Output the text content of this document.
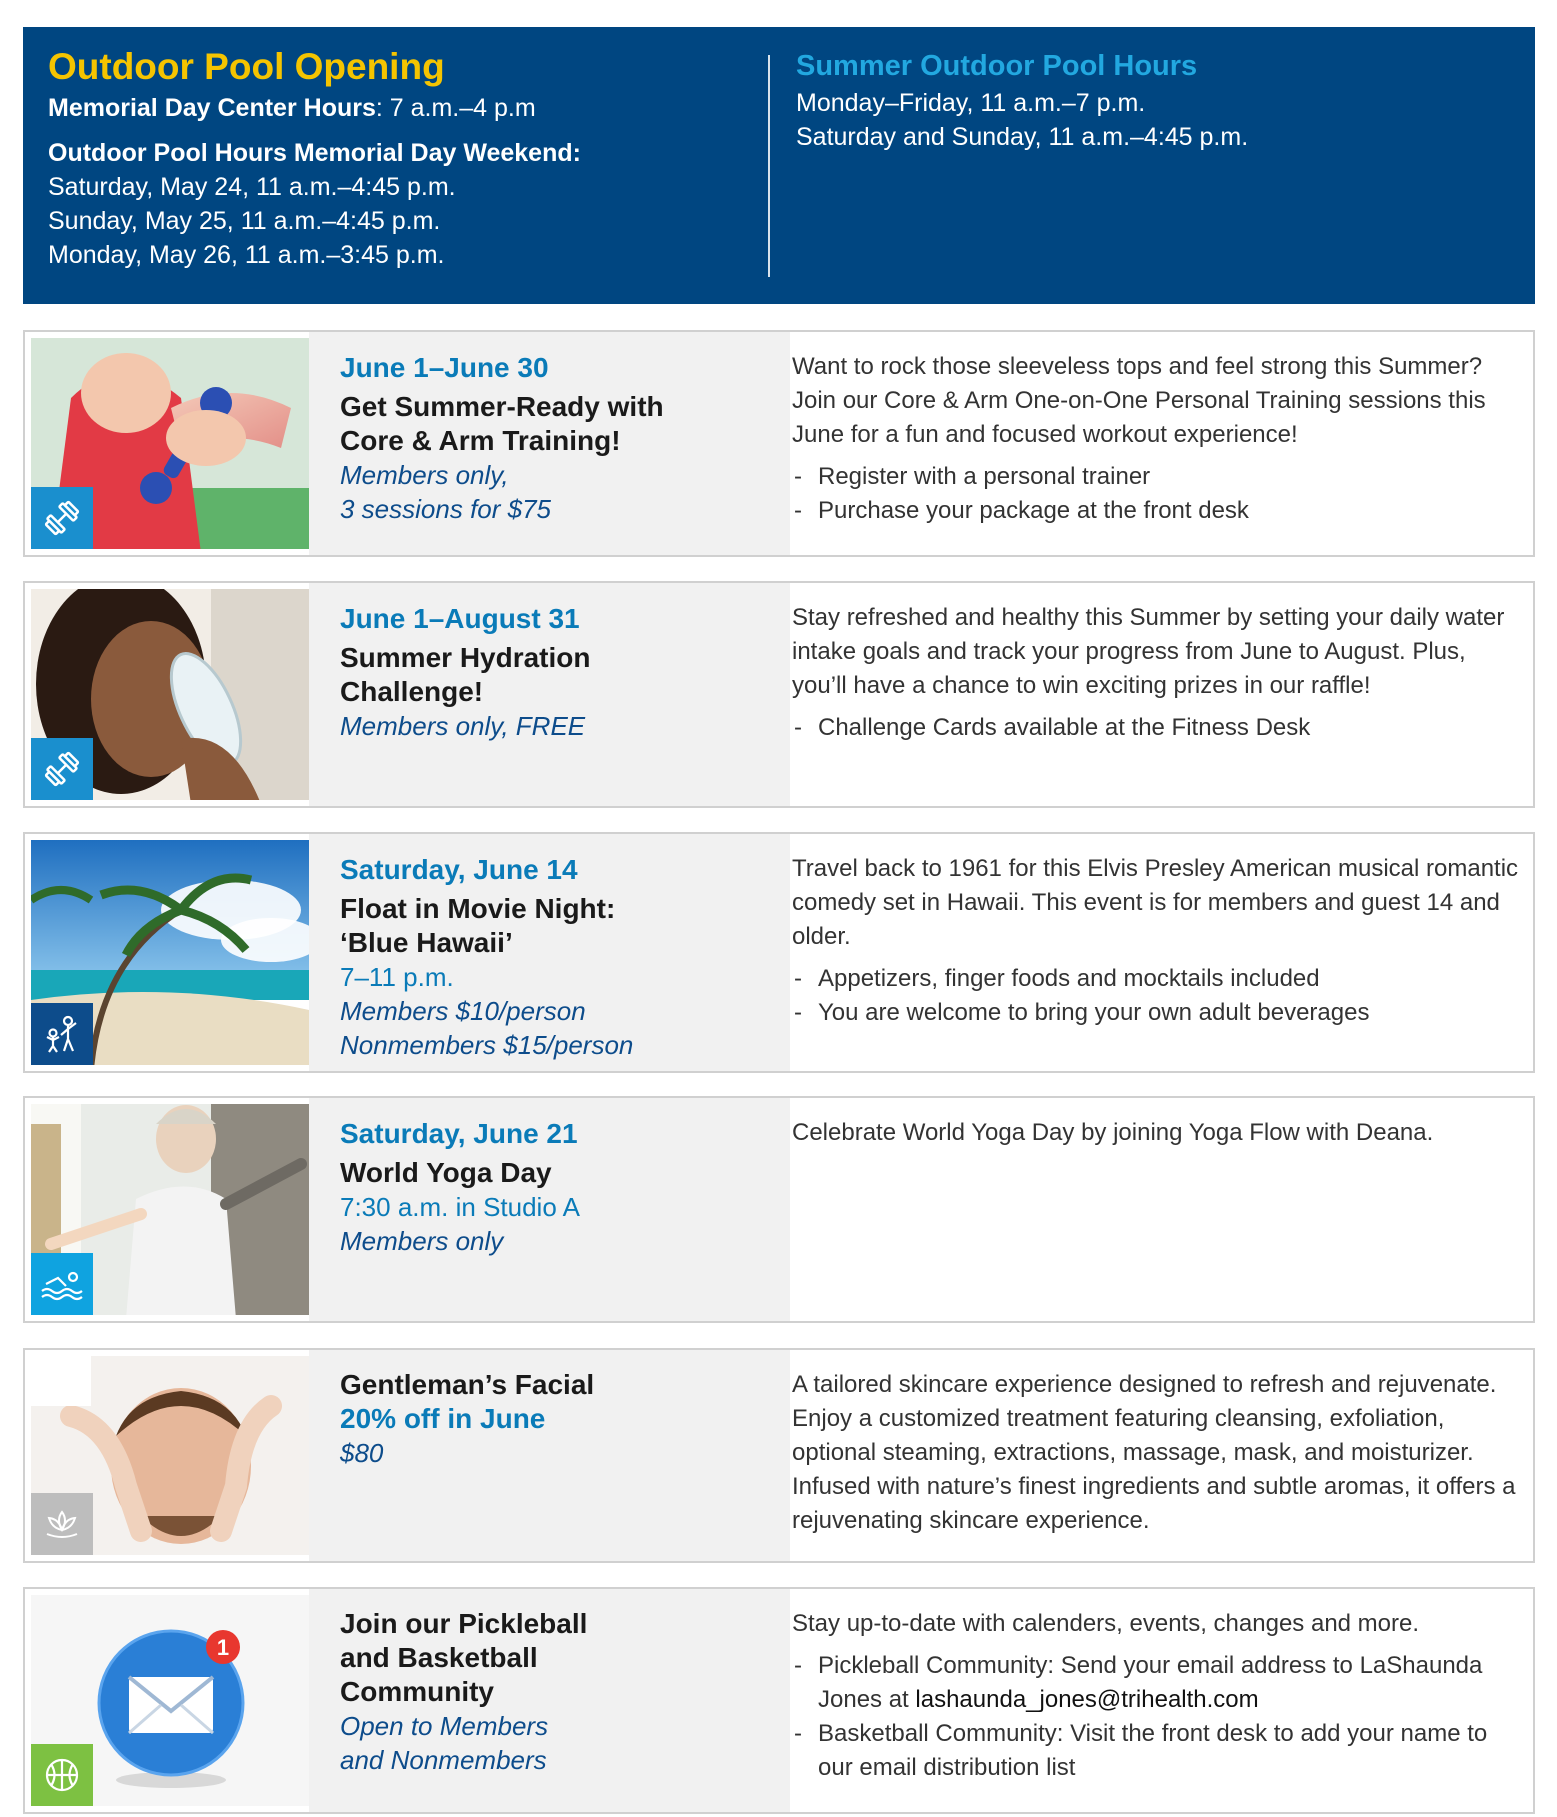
Outdoor Pool Opening
Memorial Day Center Hours: 7 a.m.–4 p.m
Outdoor Pool Hours Memorial Day Weekend:
Saturday, May 24, 11 a.m.–4:45 p.m.
Sunday, May 25, 11 a.m.–4:45 p.m.
Monday, May 26, 11 a.m.–3:45 p.m.
Summer Outdoor Pool Hours
Monday–Friday, 11 a.m.–7 p.m.
Saturday and Sunday, 11 a.m.–4:45 p.m.
June 1–June 30
Get Summer-Ready with
Core & Arm Training!
Members only,
3 sessions for $75
Want to rock those sleeveless tops and feel strong this Summer? Join our Core & Arm One-on-One Personal Training sessions this June for a fun and focused workout experience!
- Register with a personal trainer
- Purchase your package at the front desk
June 1–August 31
Summer Hydration
Challenge!
Members only, FREE
Stay refreshed and healthy this Summer by setting your daily water intake goals and track your progress from June to August. Plus, you’ll have a chance to win exciting prizes in our raffle!
- Challenge Cards available at the Fitness Desk
Saturday, June 14
Float in Movie Night:
‘Blue Hawaii’
7–11 p.m.
Members $10/person
Nonmembers $15/person
Travel back to 1961 for this Elvis Presley American musical romantic comedy set in Hawaii. This event is for members and guest 14 and older.
- Appetizers, finger foods and mocktails included
- You are welcome to bring your own adult beverages
Saturday, June 21
World Yoga Day
7:30 a.m. in Studio A
Members only
Celebrate World Yoga Day by joining Yoga Flow with Deana.
Gentleman’s Facial
20% off in June
$80
A tailored skincare experience designed to refresh and rejuvenate. Enjoy a customized treatment featuring cleansing, exfoliation, optional steaming, extractions, massage, mask, and moisturizer. Infused with nature’s finest ingredients and subtle aromas, it offers a rejuvenating skincare experience.
1
Join our Pickleball
and Basketball
Community
Open to Members
and Nonmembers
Stay up-to-date with calenders, events, changes and more.
- Pickleball Community: Send your email address to LaShaunda Jones at lashaunda_jones@trihealth.com
- Basketball Community: Visit the front desk to add your name to our email distribution list
